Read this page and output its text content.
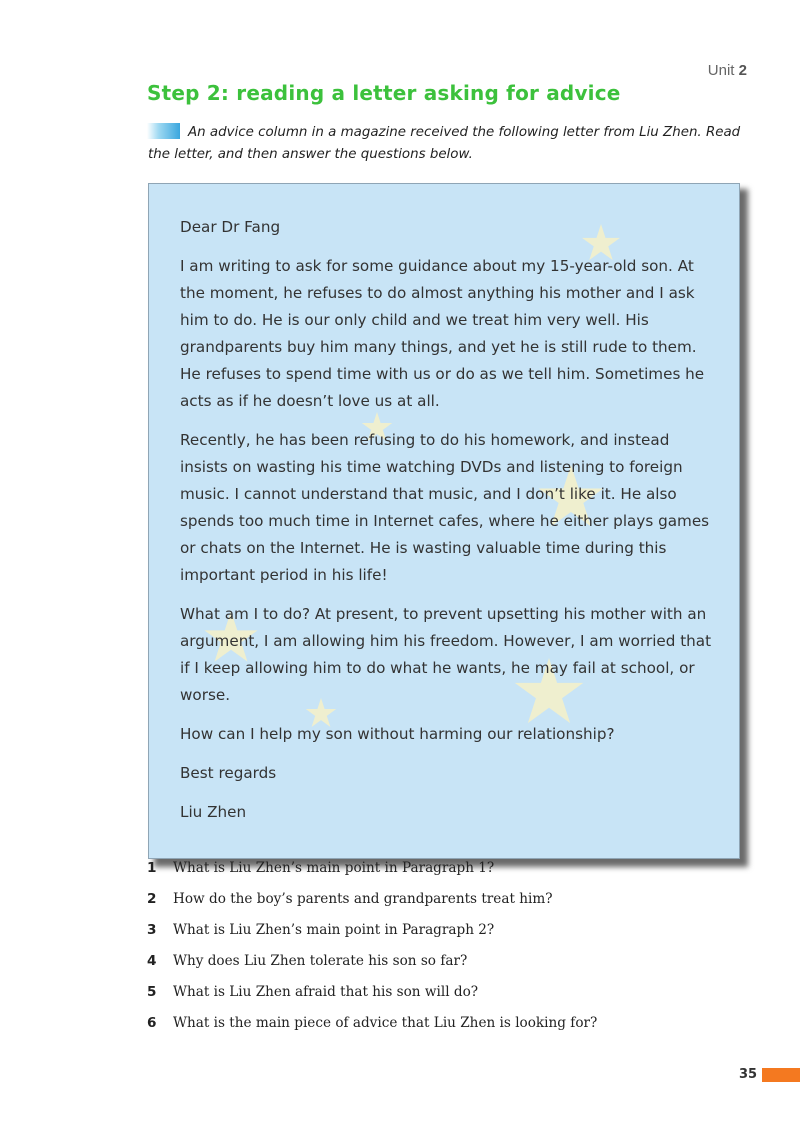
Unit 2
Step 2: reading a letter asking for advice
An advice column in a magazine received the following letter from Liu Zhen. Read the letter, and then answer the questions below.

Dear Dr Fang

I am writing to ask for some guidance about my 15-year-old son. At the moment, he refuses to do almost anything his mother and I ask him to do. He is our only child and we treat him very well. His grandparents buy him many things, and yet he is still rude to them. He refuses to spend time with us or do as we tell him. Sometimes he acts as if he doesn’t love us at all.

Recently, he has been refusing to do his homework, and instead insists on wasting his time watching DVDs and listening to foreign music. I cannot understand that music, and I don’t like it. He also spends too much time in Internet cafes, where he either plays games or chats on the Internet. He is wasting valuable time during this important period in his life!

What am I to do? At present, to prevent upsetting his mother with an argument, I am allowing him his freedom. However, I am worried that if I keep allowing him to do what he wants, he may fail at school, or worse.

How can I help my son without harming our relationship?

Best regards

Liu Zhen

1 What is Liu Zhen’s main point in Paragraph 1?
2 How do the boy’s parents and grandparents treat him?
3 What is Liu Zhen’s main point in Paragraph 2?
4 Why does Liu Zhen tolerate his son so far?
5 What is Liu Zhen afraid that his son will do?
6 What is the main piece of advice that Liu Zhen is looking for?
35
